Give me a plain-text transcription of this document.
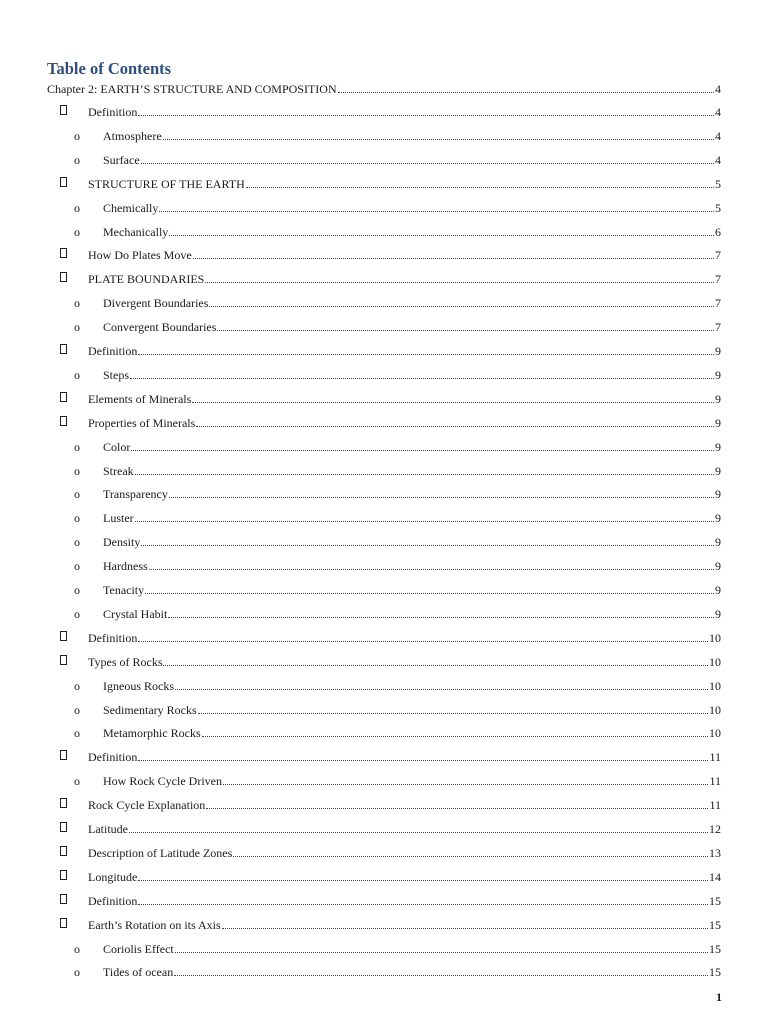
Table of Contents
Chapter 2: EARTH’S STRUCTURE AND COMPOSITION	4
Definition	4
o	Atmosphere	4
o	Surface	4
STRUCTURE OF THE EARTH	5
o	Chemically	5
o	Mechanically	6
How Do Plates Move	7
PLATE BOUNDARIES	7
o	Divergent Boundaries	7
o	Convergent Boundaries	7
Definition	9
o	Steps	9
Elements of Minerals	9
Properties of Minerals	9
o	Color	9
o	Streak	9
o	Transparency	9
o	Luster	9
o	Density	9
o	Hardness	9
o	Tenacity	9
o	Crystal Habit	9
Definition	10
Types of Rocks	10
o	Igneous Rocks	10
o	Sedimentary Rocks	10
o	Metamorphic Rocks	10
Definition	11
o	How Rock Cycle Driven	11
Rock Cycle Explanation	11
Latitude	12
Description of Latitude Zones	13
Longitude	14
Definition	15
Earth’s Rotation on its Axis	15
o	Coriolis Effect	15
o	Tides of ocean	15
1
